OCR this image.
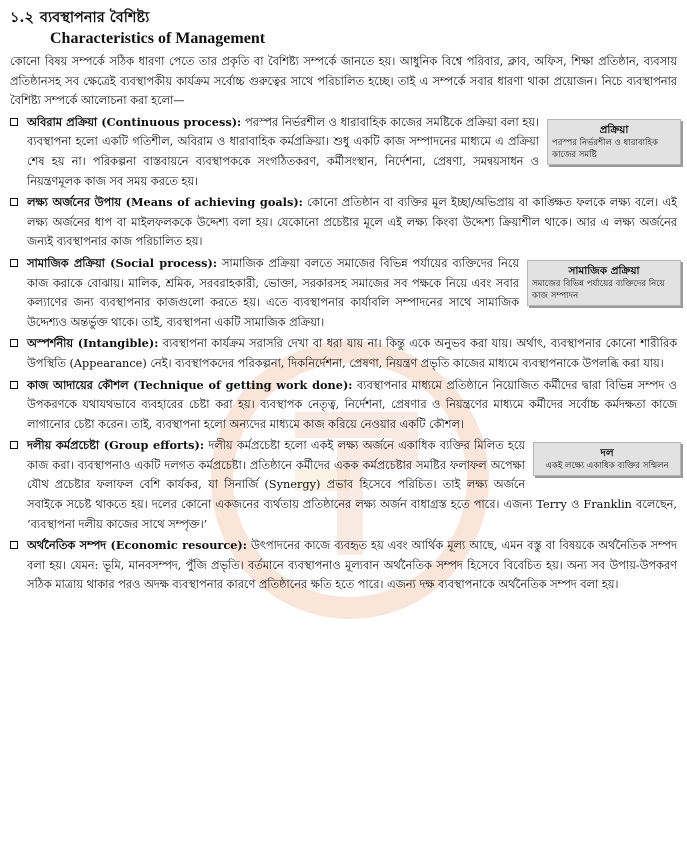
১.২ ব্যবস্থাপনার বৈশিষ্ট্য
Characteristics of Management

কোনো বিষয় সম্পর্কে সঠিক ধারণা পেতে তার প্রকৃতি বা বৈশিষ্ট্য সম্পর্কে জানতে হয়। আধুনিক বিশ্বে পরিবার, ক্লাব, অফিস, শিক্ষা প্রতিষ্ঠান, ব্যবসায় প্রতিষ্ঠানসহ সব ক্ষেত্রেই ব্যবস্থাপকীয় কার্যক্রম সর্বোচ্চ গুরুত্বের সাথে পরিচালিত হচ্ছে। তাই এ সম্পর্কে সবার ধারণা থাকা প্রয়োজন। নিচে ব্যবস্থাপনার বৈশিষ্ট্য সম্পর্কে আলোচনা করা হলো—

প্রক্রিয়া
পরস্পর নির্ভরশীল ও ধারাবাহিক কাজের সমষ্টি
অবিরাম প্রক্রিয়া (Continuous process): পরস্পর নির্ভরশীল ও ধারাবাহিক কাজের সমষ্টিকে প্রক্রিয়া বলা হয়। ব্যবস্থাপনা হলো একটি গতিশীল, অবিরাম ও ধারাবাহিক কর্মপ্রক্রিয়া। শুধু একটি কাজ সম্পাদনের মাধ্যমে এ প্রক্রিয়া শেষ হয় না। পরিকল্পনা বাস্তবায়নে ব্যবস্থাপককে সংগঠিতকরণ, কর্মীসংস্থান, নির্দেশনা, প্রেষণা, সমন্বয়সাধন ও নিয়ন্ত্রণমূলক কাজ সব সময় করতে হয়।
লক্ষ্য অর্জনের উপায় (Means of achieving goals): কোনো প্রতিষ্ঠান বা ব্যক্তির মূল ইচ্ছা/অভিপ্রায় বা কাঙ্ক্ষিত ফলকে লক্ষ্য বলে। এই লক্ষ্য অর্জনের ধাপ বা মাইলফলককে উদ্দেশ্য বলা হয়। যেকোনো প্রচেষ্টার মূলে এই লক্ষ্য কিংবা উদ্দেশ্য ক্রিয়াশীল থাকে। আর এ লক্ষ্য অর্জনের জন্যই ব্যবস্থাপনার কাজ পরিচালিত হয়।
সামাজিক প্রক্রিয়া
সমাজের বিভিন্ন পর্যায়ের ব্যক্তিদের নিয়ে কাজ সম্পাদন
সামাজিক প্রক্রিয়া (Social process): সামাজিক প্রক্রিয়া বলতে সমাজের বিভিন্ন পর্যায়ের ব্যক্তিদের নিয়ে কাজ করাকে বোঝায়। মালিক, শ্রমিক, সরবরাহকারী, ভোক্তা, সরকারসহ সমাজের সব পক্ষকে নিয়ে এবং সবার কল্যাণের জন্য ব্যবস্থাপনার কাজগুলো করতে হয়। এতে ব্যবস্থাপনার কার্যাবলি সম্পাদনের সাথে সামাজিক উদ্দেশ্যও অন্তর্ভুক্ত থাকে। তাই, ব্যবস্থাপনা একটি সামাজিক প্রক্রিয়া।
অস্পর্শনীয় (Intangible): ব্যবস্থাপনা কার্যক্রম সরাসরি দেখা বা ধরা যায় না। কিন্তু একে অনুভব করা যায়। অর্থাৎ, ব্যবস্থাপনার কোনো শারীরিক উপস্থিতি (Appearance) নেই। ব্যবস্থাপকদের পরিকল্পনা, দিকনির্দেশনা, প্রেষণা, নিয়ন্ত্রণ প্রভৃতি কাজের মাধ্যমে ব্যবস্থাপনাকে উপলব্ধি করা যায়।
কাজ আদায়ের কৌশল (Technique of getting work done): ব্যবস্থাপনার মাধ্যমে প্রতিষ্ঠানে নিয়োজিত কর্মীদের দ্বারা বিভিন্ন সম্পদ ও উপকরণকে যথাযথভাবে ব্যবহারের চেষ্টা করা হয়। ব্যবস্থাপক নেতৃত্ব, নির্দেশনা, প্রেষণার ও নিয়ন্ত্রণের মাধ্যমে কর্মীদের সর্বোচ্চ কর্মদক্ষতা কাজে লাগানোর চেষ্টা করেন। তাই, ব্যবস্থাপনা হলো অন্যদের মাধ্যমে কাজ করিয়ে নেওয়ার একটি কৌশল।
দল
একই লক্ষ্যে একাধিক ব্যক্তির সম্মিলন
দলীয় কর্মপ্রচেষ্টা (Group efforts): দলীয় কর্মপ্রচেষ্টা হলো একই লক্ষ্য অর্জনে একাধিক ব্যক্তির মিলিত হয়ে কাজ করা। ব্যবস্থাপনাও একটি দলগত কর্মপ্রচেষ্টা। প্রতিষ্ঠানে কর্মীদের একক কর্মপ্রচেষ্টার সমষ্টির ফলাফল অপেক্ষা যৌথ প্রচেষ্টার ফলাফল বেশি কার্যকর, যা সিনার্জি (Synergy) প্রভাব হিসেবে পরিচিত। তাই লক্ষ্য অর্জনে সবাইকে সচেষ্ট থাকতে হয়। দলের কোনো একজনের ব্যর্থতায় প্রতিষ্ঠানের লক্ষ্য অর্জন বাধাগ্রস্ত হতে পারে। এজন্য Terry ও Franklin বলেছেন, ‘ব্যবস্থাপনা দলীয় কাজের সাথে সম্পৃক্ত।’
অর্থনৈতিক সম্পদ (Economic resource): উৎপাদনের কাজে ব্যবহৃত হয় এবং আর্থিক মূল্য আছে, এমন বস্তু বা বিষয়কে অর্থনৈতিক সম্পদ বলা হয়। যেমন: ভূমি, মানবসম্পদ, পুঁজি প্রভৃতি। বর্তমানে ব্যবস্থাপনাও মূল্যবান অর্থনৈতিক সম্পদ হিসেবে বিবেচিত হয়। অন্য সব উপায়-উপকরণ সঠিক মাত্রায় থাকার পরও অদক্ষ ব্যবস্থাপনার কারণে প্রতিষ্ঠানের ক্ষতি হতে পারে। এজন্য দক্ষ ব্যবস্থাপনাকে অর্থনৈতিক সম্পদ বলা হয়।
